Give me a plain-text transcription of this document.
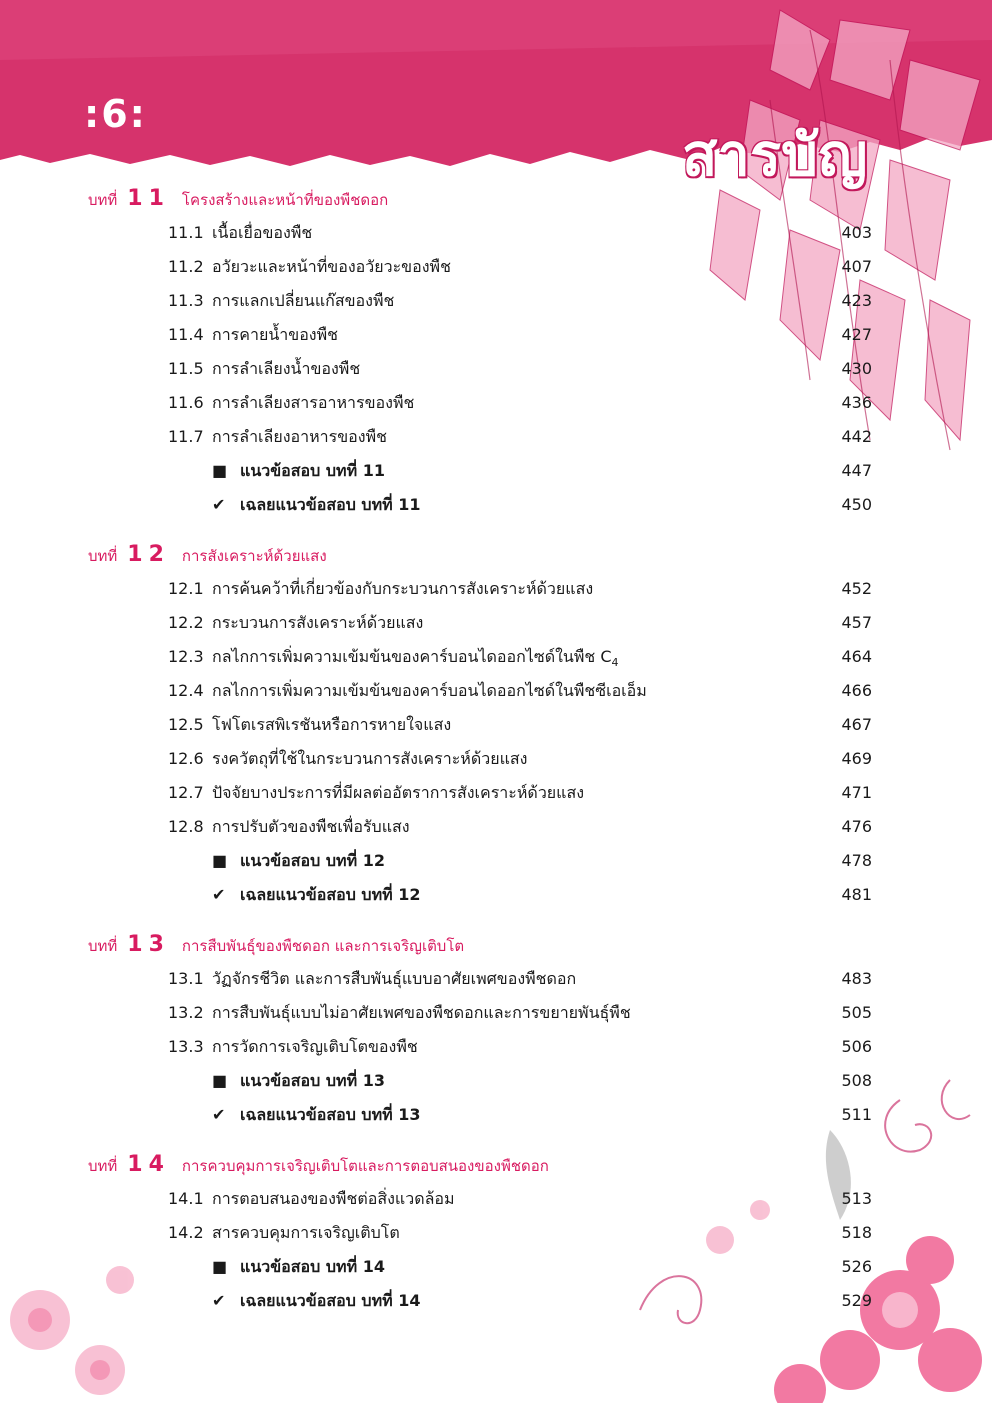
:6:
สารบัญ
บทที่ 11 โครงสร้างและหน้าที่ของพืชดอก
11.1 เนื้อเยื่อของพืช	403
11.2 อวัยวะและหน้าที่ของอวัยวะของพืช	407
11.3 การแลกเปลี่ยนแก๊สของพืช	423
11.4 การคายน้ำของพืช	427
11.5 การลำเลียงน้ำของพืช	430
11.6 การลำเลียงสารอาหารของพืช	436
11.7 การลำเลียงอาหารของพืช	442
■ แนวข้อสอบ บทที่ 11	447
✔ เฉลยแนวข้อสอบ บทที่ 11	450
บทที่ 12 การสังเคราะห์ด้วยแสง
12.1 การค้นคว้าที่เกี่ยวข้องกับกระบวนการสังเคราะห์ด้วยแสง	452
12.2 กระบวนการสังเคราะห์ด้วยแสง	457
12.3 กลไกการเพิ่มความเข้มข้นของคาร์บอนไดออกไซด์ในพืช $C_4$	464
12.4 กลไกการเพิ่มความเข้มข้นของคาร์บอนไดออกไซด์ในพืชซีเอเอ็ม	466
12.5 โฟโตเรสพิเรชันหรือการหายใจแสง	467
12.6 รงควัตถุที่ใช้ในกระบวนการสังเคราะห์ด้วยแสง	469
12.7 ปัจจัยบางประการที่มีผลต่ออัตราการสังเคราะห์ด้วยแสง	471
12.8 การปรับตัวของพืชเพื่อรับแสง	476
■ แนวข้อสอบ บทที่ 12	478
✔ เฉลยแนวข้อสอบ บทที่ 12	481
บทที่ 13 การสืบพันธุ์ของพืชดอก และการเจริญเติบโต
13.1 วัฏจักรชีวิต และการสืบพันธุ์แบบอาศัยเพศของพืชดอก	483
13.2 การสืบพันธุ์แบบไม่อาศัยเพศของพืชดอกและการขยายพันธุ์พืช	505
13.3 การวัดการเจริญเติบโตของพืช	506
■ แนวข้อสอบ บทที่ 13	508
✔ เฉลยแนวข้อสอบ บทที่ 13	511
บทที่ 14 การควบคุมการเจริญเติบโตและการตอบสนองของพืชดอก
14.1 การตอบสนองของพืชต่อสิ่งแวดล้อม	513
14.2 สารควบคุมการเจริญเติบโต	518
■ แนวข้อสอบ บทที่ 14	526
✔ เฉลยแนวข้อสอบ บทที่ 14	529
